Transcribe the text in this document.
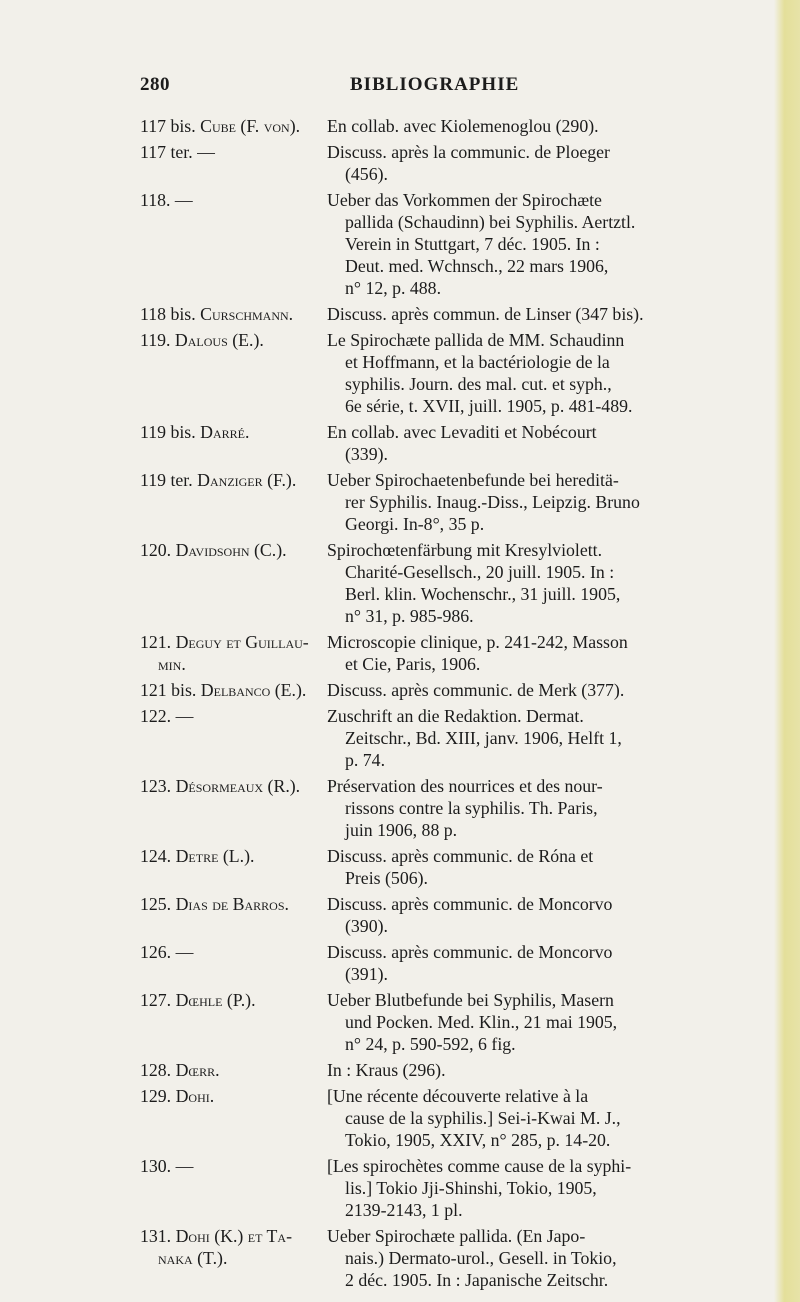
280	BIBLIOGRAPHIE
117 bis. Cube (F. von).	En collab. avec Kiolemenoglou (290).
117 ter. —	Discuss. après la communic. de Ploeger
(456).
118. —	Ueber das Vorkommen der Spirochæte
pallida (Schaudinn) bei Syphilis. Aertztl.
Verein in Stuttgart, 7 déc. 1905. In :
Deut. med. Wchnsch., 22 mars 1906,
n° 12, p. 488.
118 bis. Curschmann.	Discuss. après commun. de Linser (347 bis).
119. Dalous (E.).	Le Spirochæte pallida de MM. Schaudinn
et Hoffmann, et la bactériologie de la
syphilis. Journ. des mal. cut. et syph.,
6e série, t. XVII, juill. 1905, p. 481-489.
119 bis. Darré.	En collab. avec Levaditi et Nobécourt
(339).
119 ter. Danziger (F.).	Ueber Spirochaetenbefunde bei hereditä-
rer Syphilis. Inaug.-Diss., Leipzig. Bruno
Georgi. In-8°, 35 p.
120. Davidsohn (C.).	Spirochœtenfärbung mit Kresylviolett.
Charité-Gesellsch., 20 juill. 1905. In :
Berl. klin. Wochenschr., 31 juill. 1905,
n° 31, p. 985-986.
121. Deguy et Guillau-	Microscopie clinique, p. 241-242, Masson
min.	et Cie, Paris, 1906.
121 bis. Delbanco (E.).	Discuss. après communic. de Merk (377).
122. —	Zuschrift an die Redaktion. Dermat.
Zeitschr., Bd. XIII, janv. 1906, Helft 1,
p. 74.
123. Désormeaux (R.).	Préservation des nourrices et des nour-
rissons contre la syphilis. Th. Paris,
juin 1906, 88 p.
124. Detre (L.).	Discuss. après communic. de Róna et
Preis (506).
125. Dias de Barros.	Discuss. après communic. de Moncorvo
(390).
126. —	Discuss. après communic. de Moncorvo
(391).
127. Dœhle (P.).	Ueber Blutbefunde bei Syphilis, Masern
und Pocken. Med. Klin., 21 mai 1905,
n° 24, p. 590-592, 6 fig.
128. Dœrr.	In : Kraus (296).
129. Dohi.	[Une récente découverte relative à la
cause de la syphilis.] Sei-i-Kwai M. J.,
Tokio, 1905, XXIV, n° 285, p. 14-20.
130. —	[Les spirochètes comme cause de la syphi-
lis.] Tokio Jji-Shinshi, Tokio, 1905,
2139-2143, 1 pl.
131. Dohi (K.) et Ta-	Ueber Spirochæte pallida. (En Japo-
naka (T.).	nais.) Dermato-urol., Gesell. in Tokio,
2 déc. 1905. In : Japanische Zeitschr.
